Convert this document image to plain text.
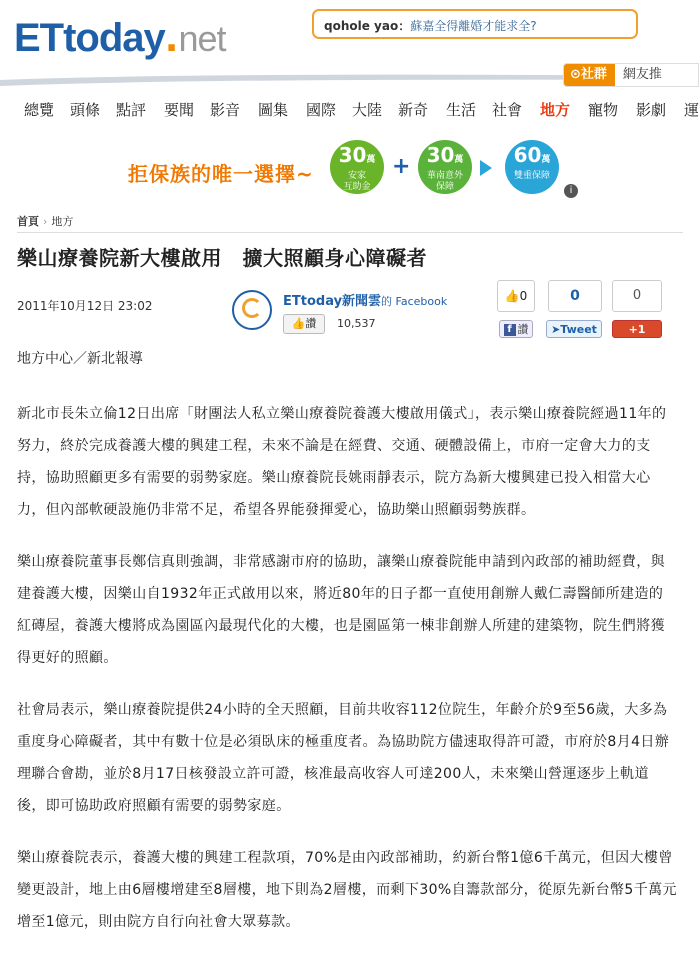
ETtoday.net	qohole yao：蘇嘉全得離婚才能求全?
⊙社群 網友推
總覽 頭條 點評 要聞 影音 圖集 國際 大陸 新奇 生活 社會 地方 寵物 影劇 運
拒保族的唯一選擇~
30萬
安家
互助金
+ 30萬
華南意外
保障
60萬
雙重保障
i
首頁 › 地方
樂山療養院新大樓啟用　擴大照顧身心障礙者
2011年10月12日 23:02	ETtoday新聞雲的 Facebook
👍讚	10,537
👍0	0	0
f 讚	➤Tweet	+1
地方中心／新北報導

新北市長朱立倫12日出席「財團法人私立樂山療養院養護大樓啟用儀式」，表示樂山療養院經過11年的努力，終於完成養護大樓的興建工程，未來不論是在經費、交通、硬體設備上，市府一定會大力的支持，協助照顧更多有需要的弱勢家庭。樂山療養院長姚雨靜表示，院方為新大樓興建已投入相當大心力，但內部軟硬設施仍非常不足，希望各界能發揮愛心，協助樂山照顧弱勢族群。

樂山療養院董事長鄭信真則強調，非常感謝市府的協助，讓樂山療養院能申請到內政部的補助經費，與建養護大樓，因樂山自1932年正式啟用以來，將近80年的日子都一直使用創辦人戴仁壽醫師所建造的紅磚屋，養護大樓將成為園區內最現代化的大樓，也是園區第一棟非創辦人所建的建築物，院生們將獲得更好的照顧。

社會局表示，樂山療養院提供24小時的全天照顧，目前共收容112位院生，年齡介於9至56歲，大多為重度身心障礙者，其中有數十位是必須臥床的極重度者。為協助院方儘速取得許可證，市府於8月4日辦理聯合會勘，並於8月17日核發設立許可證，核准最高收容人可達200人，未來樂山營運逐步上軌道後，即可協助政府照顧有需要的弱勢家庭。

樂山療養院表示，養護大樓的興建工程款項，70%是由內政部補助，約新台幣1億6千萬元，但因大樓曾變更設計，地上由6層樓增建至8層樓，地下則為2層樓，而剩下30%自籌款部分，從原先新台幣5千萬元增至1億元，則由院方自行向社會大眾募款。
